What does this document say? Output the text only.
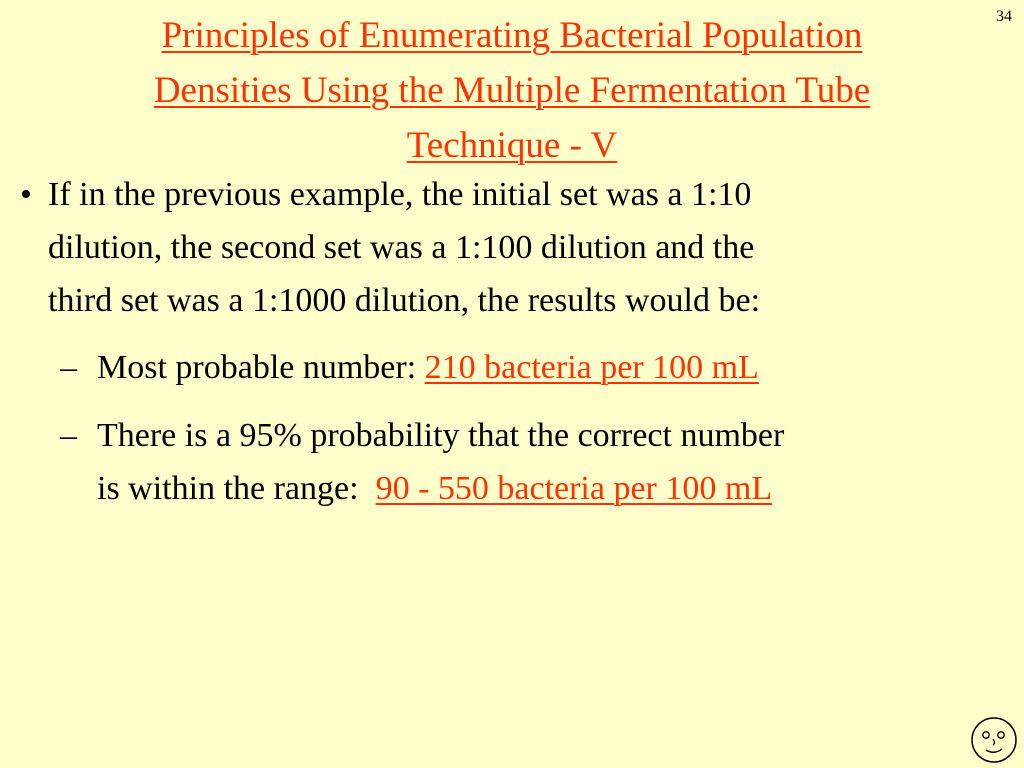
34
Principles of Enumerating Bacterial Population
Densities Using the Multiple Fermentation Tube
Technique - V
• If in the previous example, the initial set was a 1:10
dilution, the second set was a 1:100 dilution and the
third set was a 1:1000 dilution, the results would be:
– Most probable number: 210 bacteria per 100 mL
– There is a 95% probability that the correct number
is within the range: 90 - 550 bacteria per 100 mL
